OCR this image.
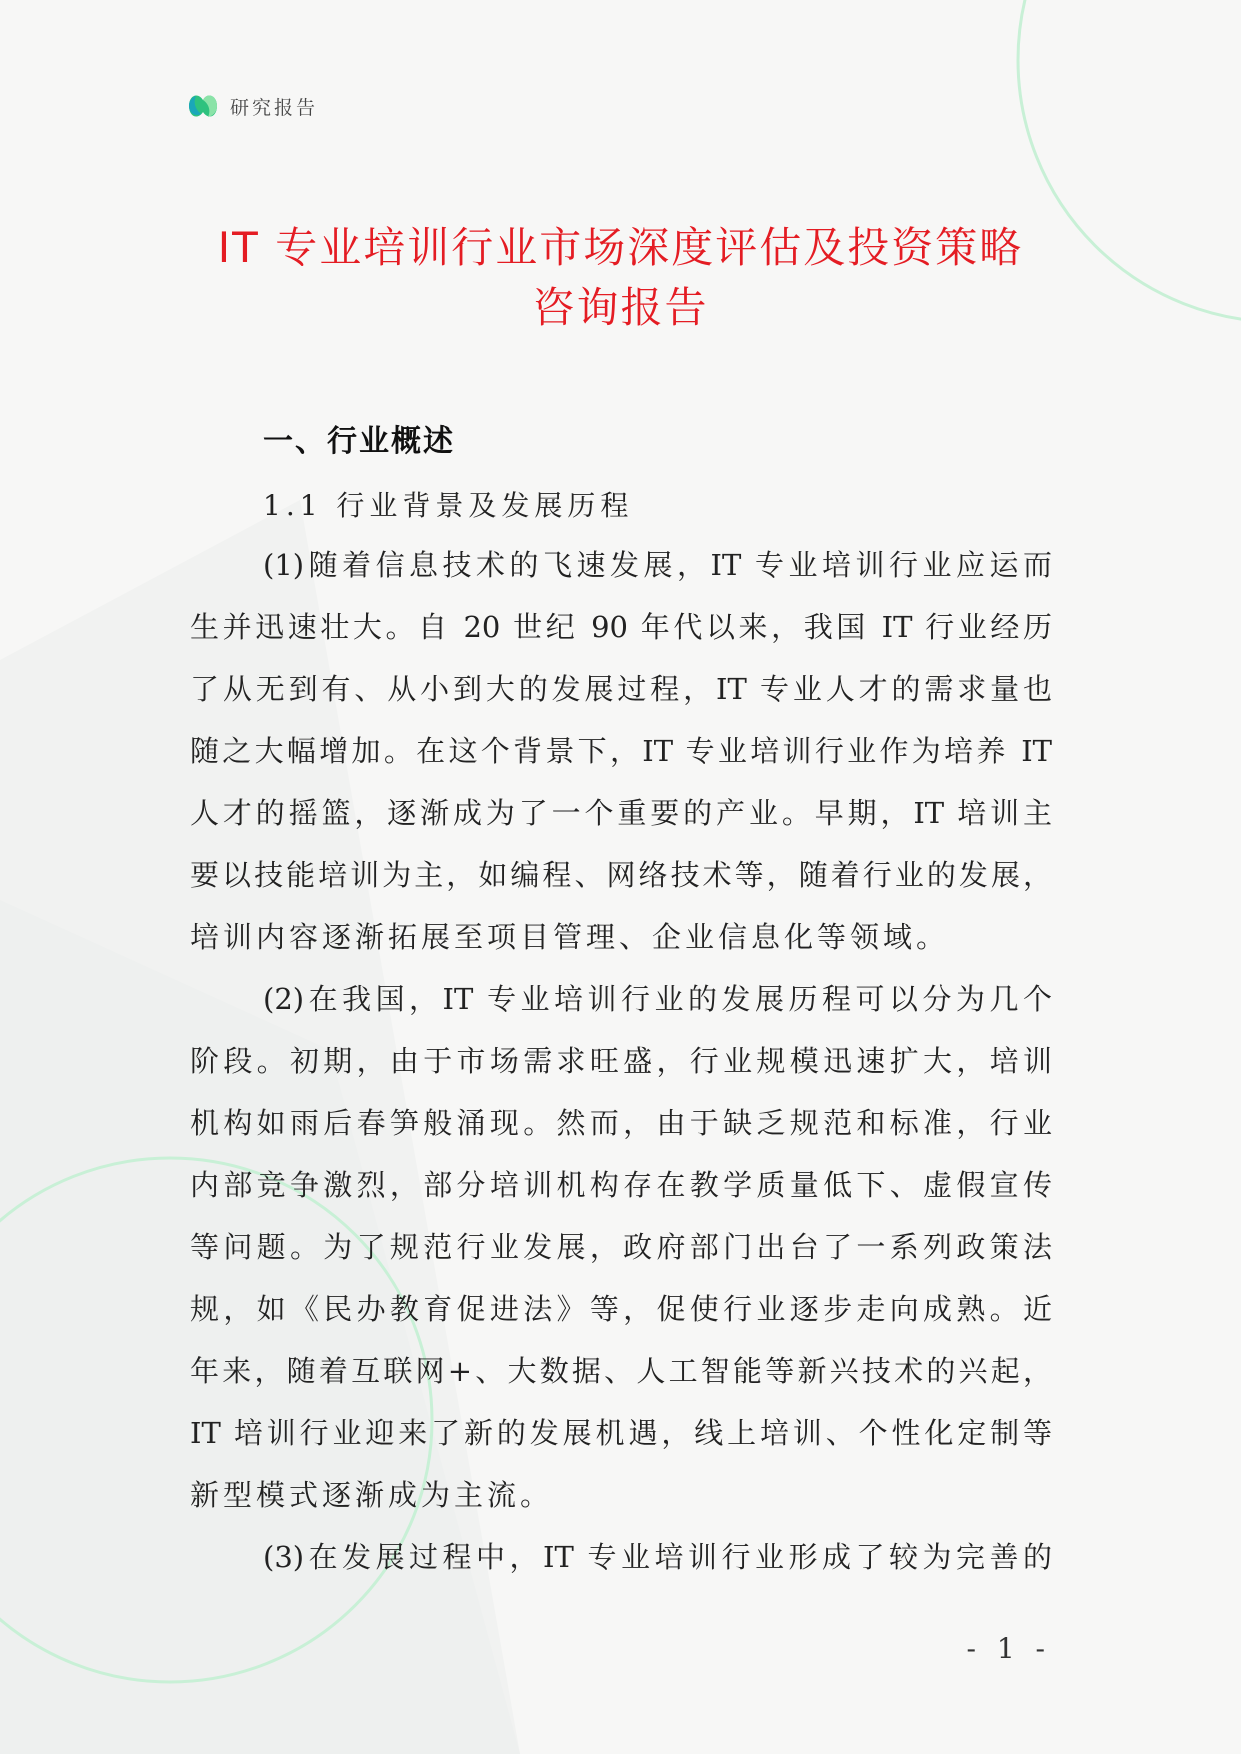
研究报告
IT 专业培训行业市场深度评估及投资策略
咨询报告
一、行业概述
1.1 行业背景及发展历程
(1)随着信息技术的飞速发展，IT 专业培训行业应运而
生并迅速壮大。自 20 世纪 90 年代以来，我国 IT 行业经历
了从无到有、从小到大的发展过程，IT 专业人才的需求量也
随之大幅增加。在这个背景下，IT 专业培训行业作为培养 IT
人才的摇篮，逐渐成为了一个重要的产业。早期，IT 培训主
要以技能培训为主，如编程、网络技术等，随着行业的发展，
培训内容逐渐拓展至项目管理、企业信息化等领域。
(2)在我国，IT 专业培训行业的发展历程可以分为几个
阶段。初期，由于市场需求旺盛，行业规模迅速扩大，培训
机构如雨后春笋般涌现。然而，由于缺乏规范和标准，行业
内部竞争激烈，部分培训机构存在教学质量低下、虚假宣传
等问题。为了规范行业发展，政府部门出台了一系列政策法
规，如《民办教育促进法》等，促使行业逐步走向成熟。近
年来，随着互联网+、大数据、人工智能等新兴技术的兴起，
IT 培训行业迎来了新的发展机遇，线上培训、个性化定制等
新型模式逐渐成为主流。
(3)在发展过程中，IT 专业培训行业形成了较为完善的
- 1 -
